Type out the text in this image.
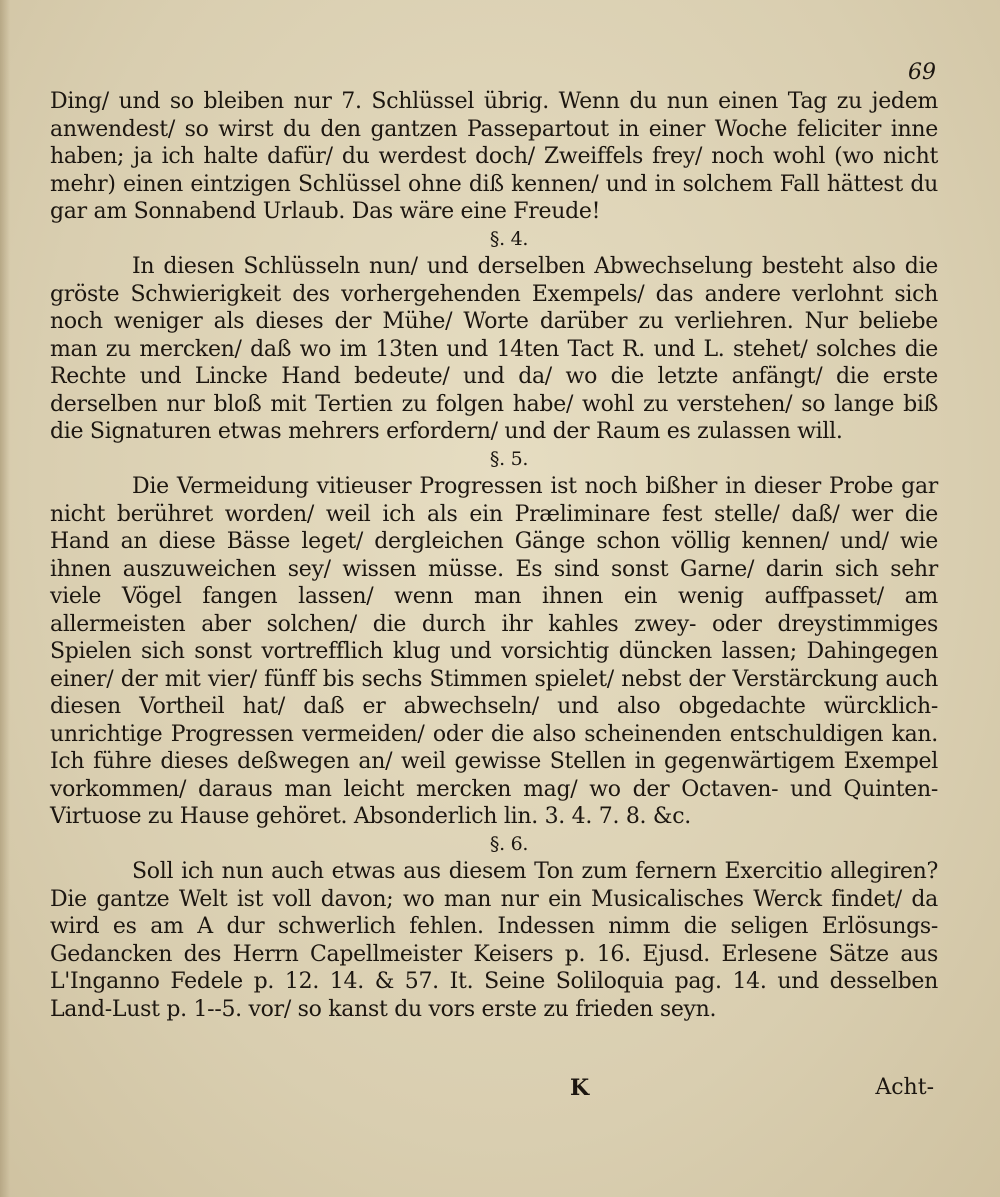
69

Ding/ und so bleiben nur 7. Schlüssel übrig. Wenn du nun einen Tag zu jedem anwendest/ so wirst du den gantzen Passepartout in einer Woche feliciter inne haben; ja ich halte dafür/ du werdest doch/ Zweiffels frey/ noch wohl (wo nicht mehr) einen eintzigen Schlüssel ohne diß kennen/ und in solchem Fall hättest du gar am Sonnabend Urlaub. Das wäre eine Freude!

§. 4.

In diesen Schlüsseln nun/ und derselben Abwechselung besteht also die gröste Schwierigkeit des vorhergehenden Exempels/ das andere verlohnt sich noch weniger als dieses der Mühe/ Worte darüber zu verliehren. Nur beliebe man zu mercken/ daß wo im 13ten und 14ten Tact R. und L. stehet/ solches die Rechte und Lincke Hand bedeute/ und da/ wo die letzte anfängt/ die erste derselben nur bloß mit Tertien zu folgen habe/ wohl zu verstehen/ so lange biß die Signaturen etwas mehrers erfordern/ und der Raum es zulassen will.

§. 5.

Die Vermeidung vitieuser Progressen ist noch bißher in dieser Probe gar nicht berühret worden/ weil ich als ein Præliminare fest stelle/ daß/ wer die Hand an diese Bässe leget/ dergleichen Gänge schon völlig kennen/ und/ wie ihnen auszuweichen sey/ wissen müsse. Es sind sonst Garne/ darin sich sehr viele Vögel fangen lassen/ wenn man ihnen ein wenig auffpasset/ am allermeisten aber solchen/ die durch ihr kahles zwey- oder dreystimmiges Spielen sich sonst vortrefflich klug und vorsichtig düncken lassen; Dahingegen einer/ der mit vier/ fünff bis sechs Stimmen spielet/ nebst der Verstärckung auch diesen Vortheil hat/ daß er abwechseln/ und also obgedachte würcklich-unrichtige Progressen vermeiden/ oder die also scheinenden entschuldigen kan. Ich führe dieses deßwegen an/ weil gewisse Stellen in gegenwärtigem Exempel vorkommen/ daraus man leicht mercken mag/ wo der Octaven- und Quinten-Virtuose zu Hause gehöret. Absonderlich lin. 3. 4. 7. 8. &c.

§. 6.

Soll ich nun auch etwas aus diesem Ton zum fernern Exercitio allegiren? Die gantze Welt ist voll davon; wo man nur ein Musicalisches Werck findet/ da wird es am A dur schwerlich fehlen. Indessen nimm die seligen Erlösungs-Gedancken des Herrn Capellmeister Keisers p. 16. Ejusd. Erlesene Sätze aus L'Inganno Fedele p. 12. 14. & 57. It. Seine Soliloquia pag. 14. und desselben Land-Lust p. 1--5. vor/ so kanst du vors erste zu frieden seyn.

K	Acht-
